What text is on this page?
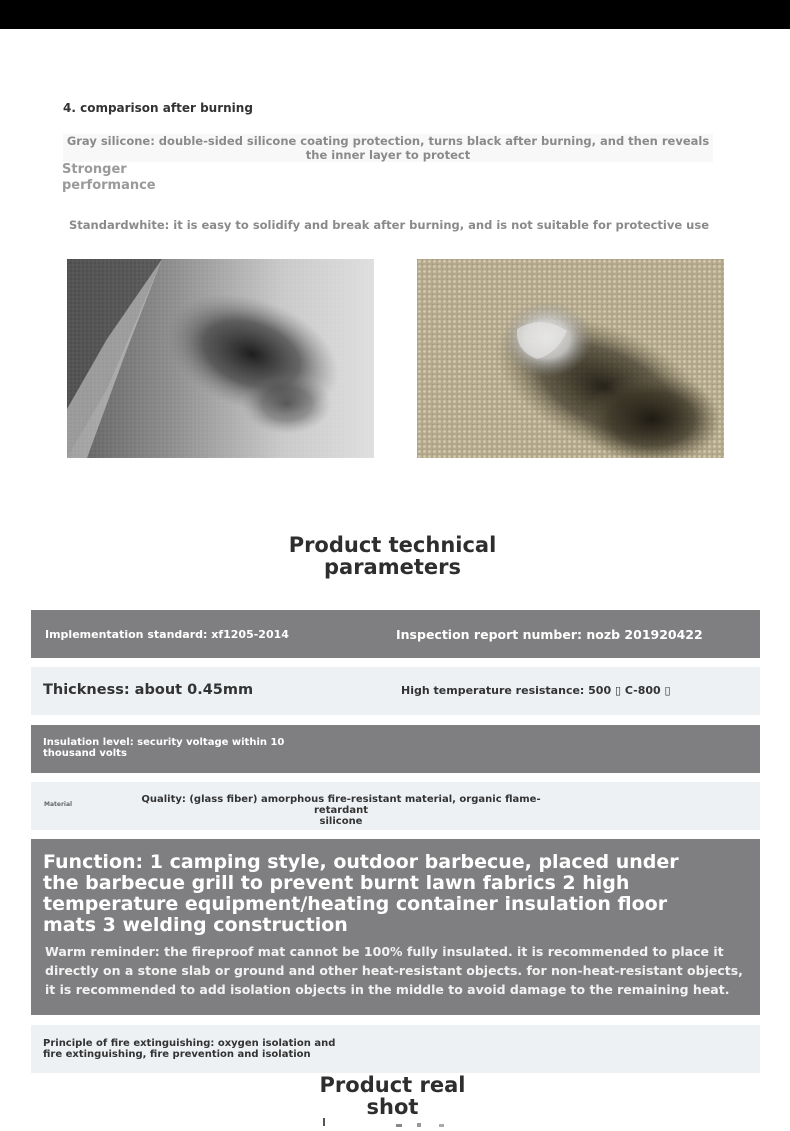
4. comparison after burning
Gray silicone: double-sided silicone coating protection, turns black after burning, and then reveals the inner layer to protect
Stronger
performance
Standardwhite: it is easy to solidify and break after burning, and is not suitable for protective use
Product technical
parameters
Implementation standard: xf1205-2014	Inspection report number: nozb 201920422
Thickness: about 0.45mm	High temperature resistance: 500 ▯ C-800 ▯
Insulation level: security voltage within 10
thousand volts
Material	Quality: (glass fiber) amorphous fire-resistant material, organic flame-retardant
silicone
Function: 1 camping style, outdoor barbecue, placed under
the barbecue grill to prevent burnt lawn fabrics 2 high
temperature equipment/heating container insulation floor
mats 3 welding construction
Warm reminder: the fireproof mat cannot be 100% fully insulated. it is recommended to place it
directly on a stone slab or ground and other heat-resistant objects. for non-heat-resistant objects,
it is recommended to add isolation objects in the middle to avoid damage to the remaining heat.
Principle of fire extinguishing: oxygen isolation and
fire extinguishing, fire prevention and isolation
Product real
shot
